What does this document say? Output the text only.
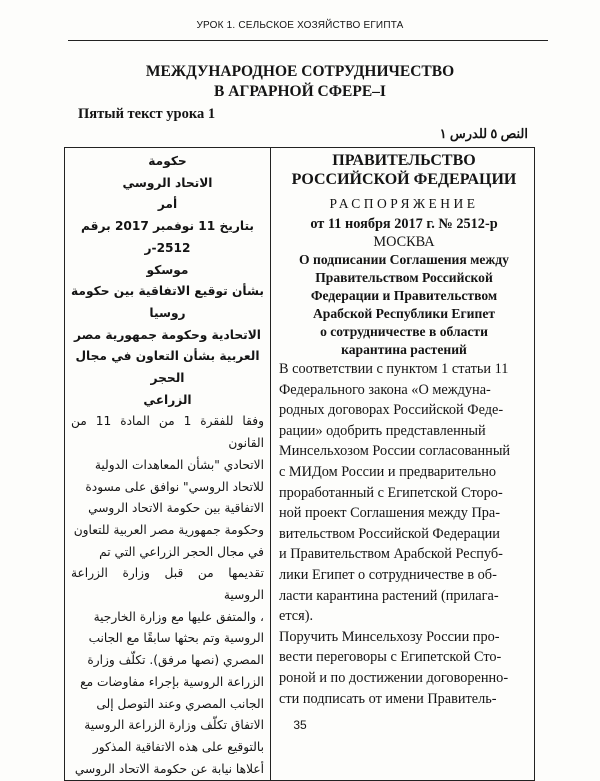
УРОК 1. СЕЛЬСКОЕ ХОЗЯЙСТВО ЕГИПТА
МЕЖДУНАРОДНОЕ СОТРУДНИЧЕСТВО
В АГРАРНОЙ СФЕРЕ–I
Пятый текст урока 1
النص ٥ للدرس ١
حكومة
الاتحاد الروسي
أمر
بتاريخ 11 نوفمبر 2017 برقم 2512-ر
موسكو
بشأن توقيع الاتفاقية بين حكومة روسيا
الاتحادية وحكومة جمهورية مصر
العربية بشأن التعاون في مجال الحجر
الزراعي
وفقا للفقرة 1 من المادة 11 من القانون
الاتحادي "بشأن المعاهدات الدولية
للاتحاد الروسي" نوافق على مسودة
الاتفاقية بين حكومة الاتحاد الروسي
وحكومة جمهورية مصر العربية للتعاون
في مجال الحجر الزراعي التي تم
تقديمها من قبل وزارة الزراعة الروسية
، والمتفق عليها مع وزارة الخارجية
الروسية وتم بحثها سابقًا مع الجانب
المصري (نصها مرفق). تكلّف وزارة
الزراعة الروسية بإجراء مفاوضات مع
الجانب المصري وعند التوصل إلى
الاتفاق تكلّف وزارة الزراعة الروسية
بالتوقيع على هذه الاتفاقية المذكور
أعلاها نيابة عن حكومة الاتحاد الروسي

ПРАВИТЕЛЬСТВО
РОССИЙСКОЙ ФЕДЕРАЦИИ
РАСПОРЯЖЕНИЕ
от 11 ноября 2017 г. № 2512-р
МОСКВА
О подписании Соглашения между
Правительством Российской
Федерации и Правительством
Арабской Республики Египет
о сотрудничестве в области
карантина растений
В соответствии с пунктом 1 статьи 11
Федерального закона «О междуна-
родных договорах Российской Феде-
рации» одобрить представленный
Минсельхозом России согласованный
с МИДом России и предварительно
проработанный с Египетской Сторо-
ной проект Соглашения между Пра-
вительством Российской Федерации
и Правительством Арабской Респуб-
лики Египет о сотрудничестве в об-
ласти карантина растений (прилага-
ется).
Поручить Минсельхозу России про-
вести переговоры с Египетской Сто-
роной и по достижении договоренно-
сти подписать от имени Правитель-
35
